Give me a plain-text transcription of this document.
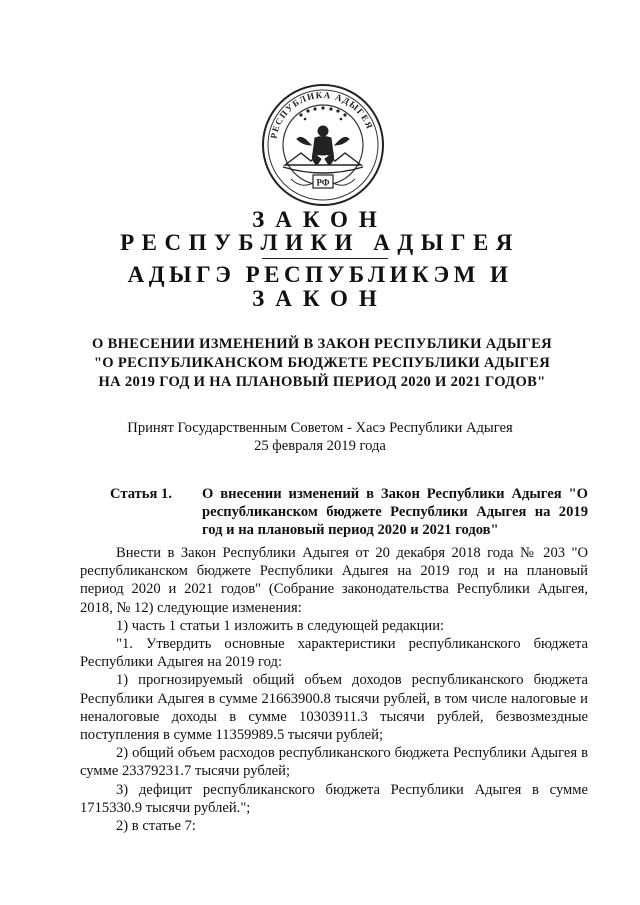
РЕСПУБЛИКА АДЫГЕЯ
РФ
ЗАКОН
РЕСПУБЛИКИ АДЫГЕЯ
АДЫГЭ РЕСПУБЛИКЭМ И
ЗАКОН
О ВНЕСЕНИИ ИЗМЕНЕНИЙ В ЗАКОН РЕСПУБЛИКИ АДЫГЕЯ
"О РЕСПУБЛИКАНСКОМ БЮДЖЕТЕ РЕСПУБЛИКИ АДЫГЕЯ
НА 2019 ГОД И НА ПЛАНОВЫЙ ПЕРИОД 2020 И 2021 ГОДОВ"
Принят Государственным Советом - Хасэ Республики Адыгея
25 февраля 2019 года
Статья 1. О внесении изменений в Закон Республики Адыгея "О республиканском бюджете Республики Адыгея на 2019 год и на плановый период 2020 и 2021 годов"

Внести в Закон Республики Адыгея от 20 декабря 2018 года № 203 "О республиканском бюджете Республики Адыгея на 2019 год и на плановый период 2020 и 2021 годов" (Собрание законодательства Республики Адыгея, 2018, № 12) следующие изменения:

1) часть 1 статьи 1 изложить в следующей редакции:

"1. Утвердить основные характеристики республиканского бюджета Республики Адыгея на 2019 год:

1) прогнозируемый общий объем доходов республиканского бюджета Республики Адыгея в сумме 21663900.8 тысячи рублей, в том числе налоговые и неналоговые доходы в сумме 10303911.3 тысячи рублей, безвозмездные поступления в сумме 11359989.5 тысячи рублей;

2) общий объем расходов республиканского бюджета Республики Адыгея в сумме 23379231.7 тысячи рублей;

3) дефицит республиканского бюджета Республики Адыгея в сумме 1715330.9 тысячи рублей.";

2) в статье 7:
